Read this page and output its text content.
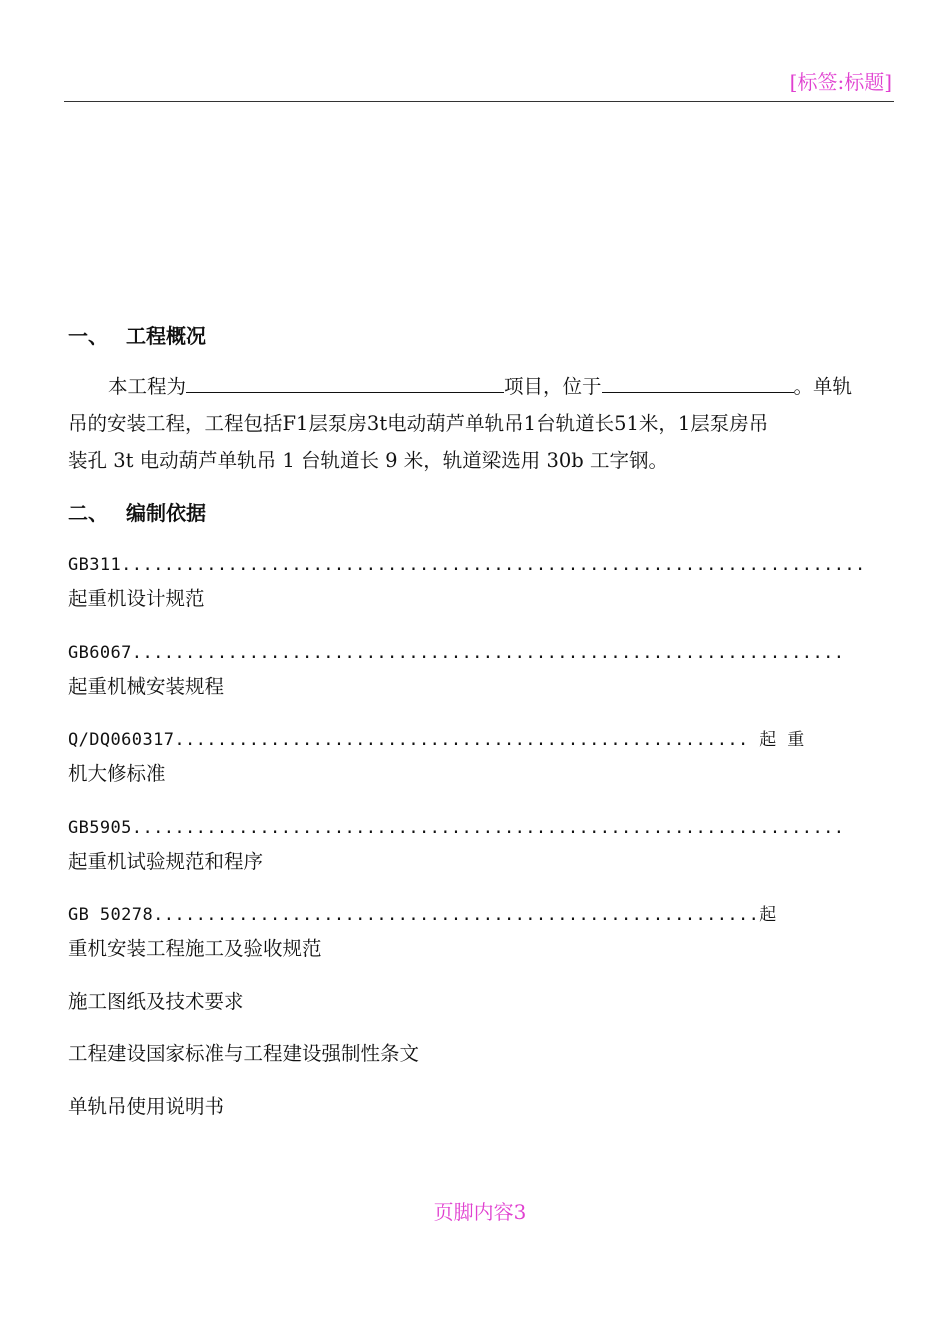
[标签:标题]
一、 工程概况
本工程为	项目，位于	。单轨
吊的安装工程，工程包括F1层泵房3t电动葫芦单轨吊1台轨道长51米，1层泵房吊
装孔 3t 电动葫芦单轨吊 1 台轨道长 9 米，轨道梁选用 30b 工字钢。
二、 编制依据
GB311......................................................................
起重机设计规范
GB6067...................................................................
起重机械安装规程
Q/DQ060317...................................................... 起 重
机大修标准
GB5905...................................................................
起重机试验规范和程序
GB 50278.........................................................起
重机安装工程施工及验收规范
施工图纸及技术要求
工程建设国家标准与工程建设强制性条文
单轨吊使用说明书
页脚内容3
